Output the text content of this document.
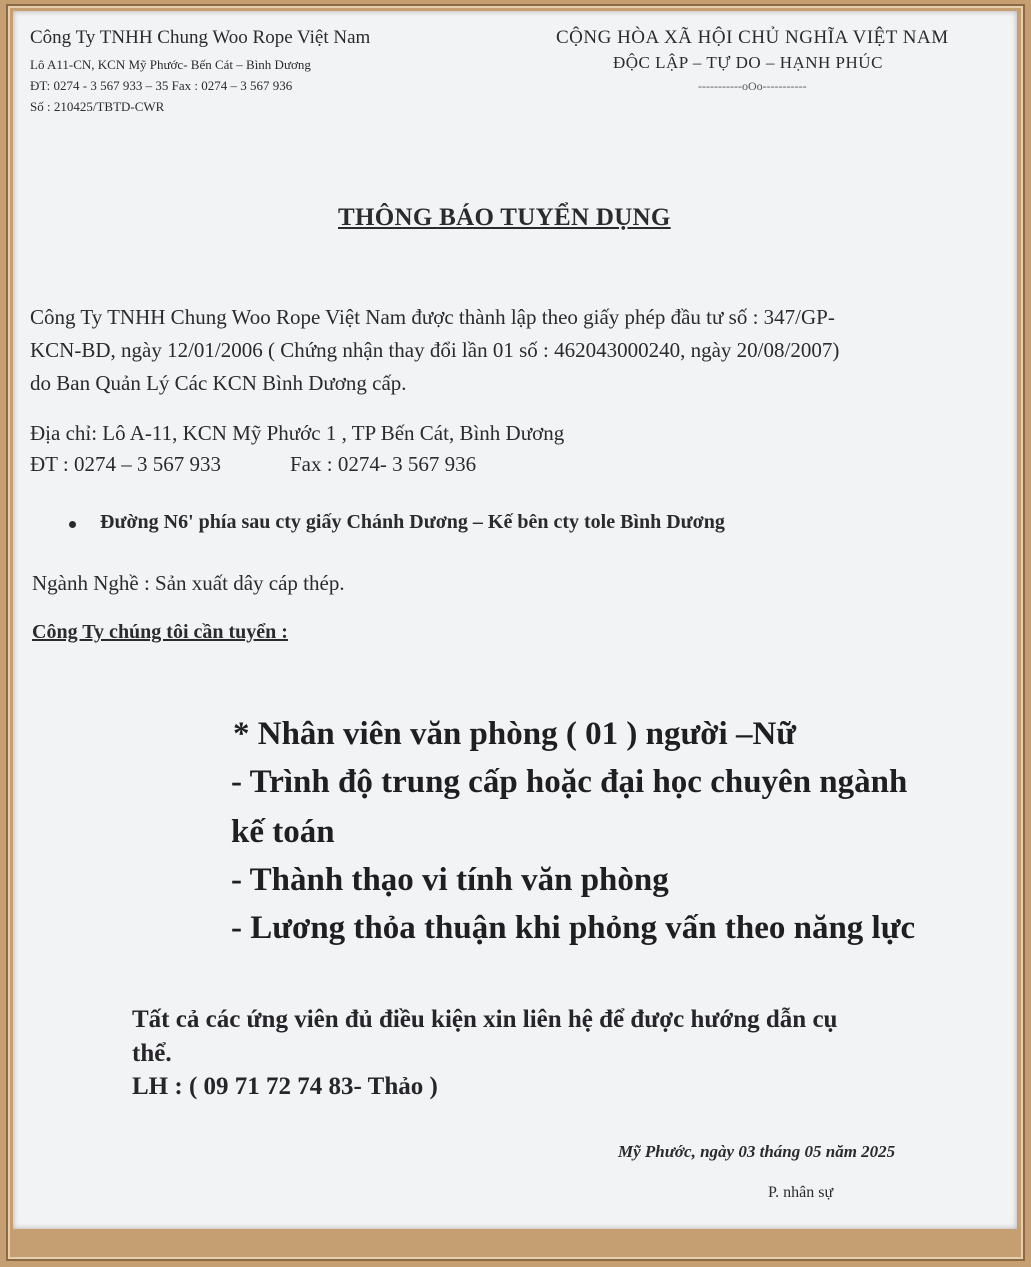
Công Ty TNHH Chung Woo Rope Việt Nam
Lô A11-CN, KCN Mỹ Phước- Bến Cát – Bình Dương
ĐT: 0274 - 3 567 933 – 35 Fax : 0274 – 3 567 936
Số : 210425/TBTD-CWR
CỘNG HÒA XÃ HỘI CHỦ NGHĨA VIỆT NAM
ĐỘC LẬP – TỰ DO – HẠNH PHÚC
-----------oOo-----------
THÔNG BÁO TUYỂN DỤNG
Công Ty TNHH Chung Woo Rope Việt Nam được thành lập theo giấy phép đầu tư số : 347/GP-
KCN-BD, ngày 12/01/2006 ( Chứng nhận thay đổi lần 01 số : 462043000240, ngày 20/08/2007)
do Ban Quản Lý Các KCN Bình Dương cấp.
Địa chỉ: Lô A-11, KCN Mỹ Phước 1 , TP Bến Cát, Bình Dương
ĐT : 0274 – 3 567 933	Fax : 0274- 3 567 936
Đường N6' phía sau cty giấy Chánh Dương – Kế bên cty tole Bình Dương
Ngành Nghề : Sản xuất dây cáp thép.
Công Ty chúng tôi cần tuyển :
* Nhân viên văn phòng ( 01 ) người –Nữ
- Trình độ trung cấp hoặc đại học chuyên ngành
kế toán
- Thành thạo vi tính văn phòng
- Lương thỏa thuận khi phỏng vấn theo năng lực
Tất cả các ứng viên đủ điều kiện xin liên hệ để được hướng dẫn cụ
thể.
LH : ( 09 71 72 74 83- Thảo )
Mỹ Phước, ngày 03 tháng 05 năm 2025
P. nhân sự
